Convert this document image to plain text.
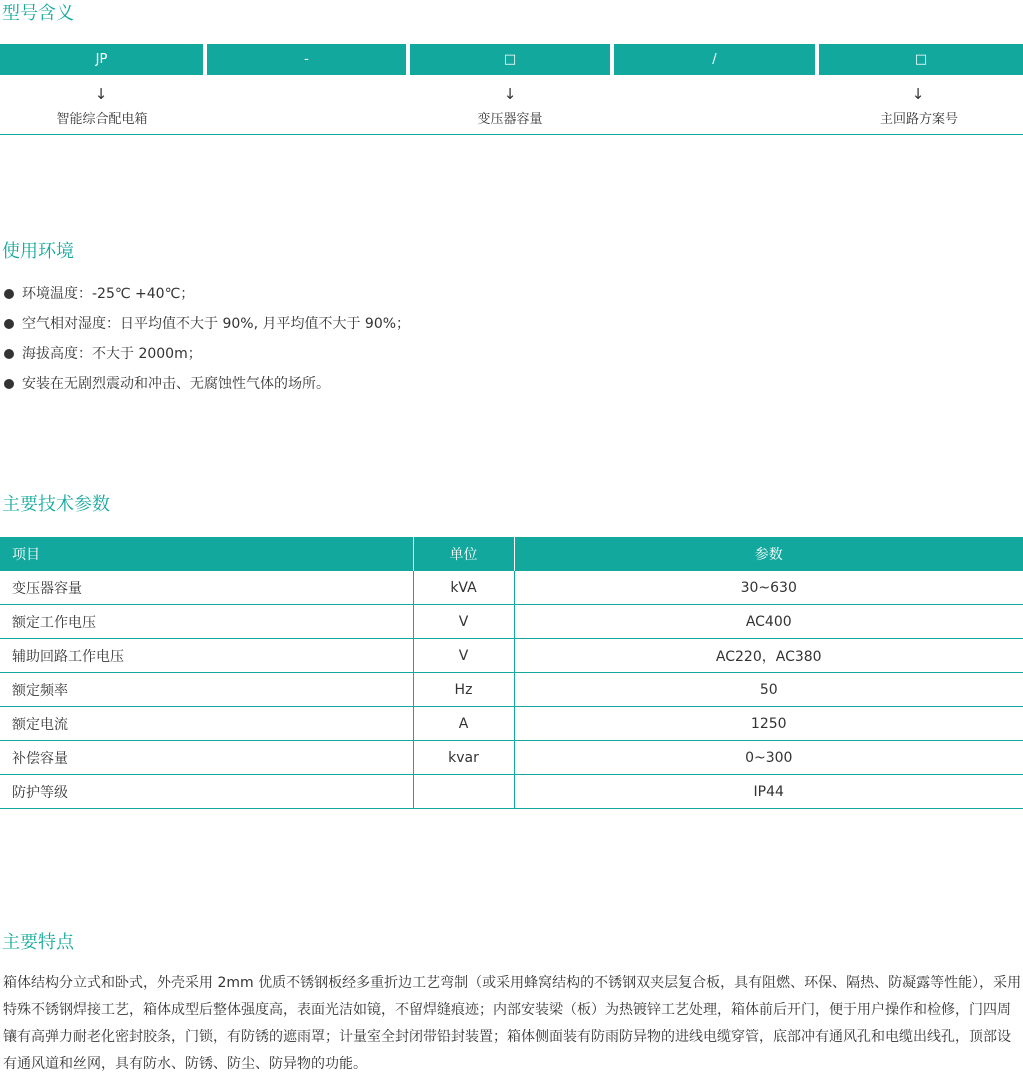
型号含义
JP	-	□	/	□
↓	↓	↓
智能综合配电箱	变压器容量	主回路方案号
使用环境
环境温度：-25℃ +40℃；
空气相对湿度：日平均值不大于 90%, 月平均值不大于 90%；
海拔高度：不大于 2000m；
安装在无剧烈震动和冲击、无腐蚀性气体的场所。
主要技术参数
项目	单位	参数
变压器容量	kVA	30~630
额定工作电压	V	AC400
辅助回路工作电压	V	AC220，AC380
额定频率	Hz	50
额定电流	A	1250
补偿容量	kvar	0~300
防护等级		IP44
主要特点

箱体结构分立式和卧式，外壳采用 2mm 优质不锈钢板经多重折边工艺弯制（或采用蜂窝结构的不锈钢双夹层复合板，具有阻燃、环保、隔热、防凝露等性能），采用特殊不锈钢焊接工艺，箱体成型后整体强度高，表面光洁如镜，不留焊缝痕迹；内部安装梁（板）为热镀锌工艺处理，箱体前后开门，便于用户操作和检修，门四周镶有高弹力耐老化密封胶条，门锁，有防锈的遮雨罩；计量室全封闭带铅封装置；箱体侧面装有防雨防异物的进线电缆穿管，底部冲有通风孔和电缆出线孔，顶部设有通风道和丝网，具有防水、防锈、防尘、防异物的功能。
